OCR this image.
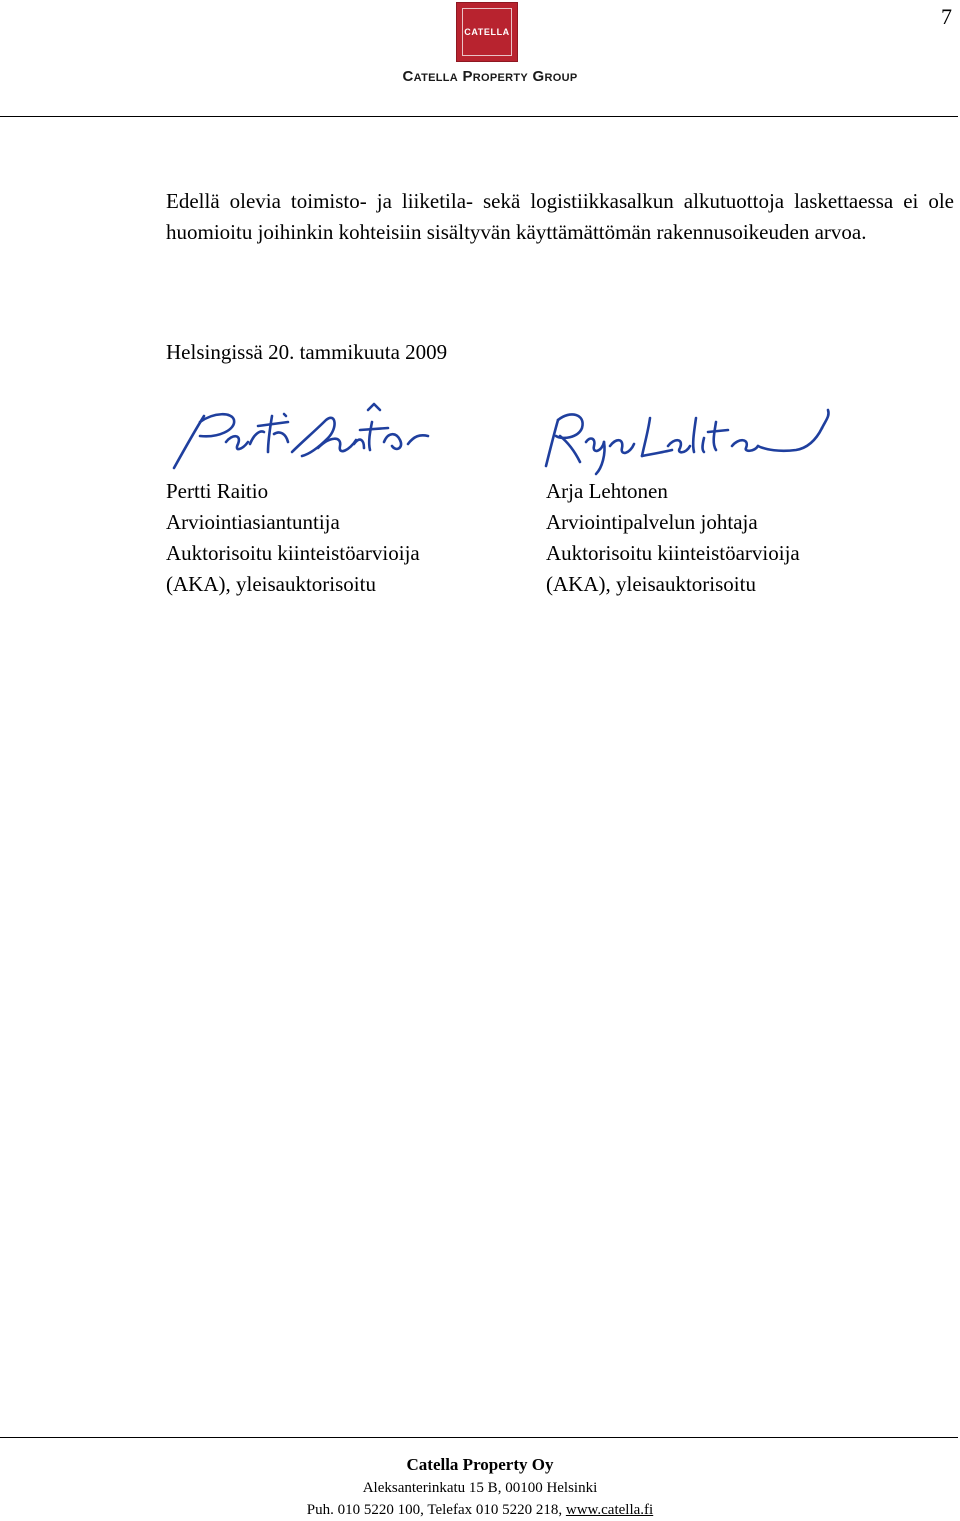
7
CATELLA
Catella Property Group

Edellä olevia toimisto- ja liiketila- sekä logistiikkasalkun alkutuottoja laskettaessa ei ole huomioitu joihinkin kohteisiin sisältyvän käyttämättömän rakennusoikeuden arvoa.

Helsingissä 20. tammikuuta 2009

Pertti Raitio
Arviointiasiantuntija
Auktorisoitu kiinteistöarvioija
(AKA), yleisauktorisoitu
Arja Lehtonen
Arviointipalvelun johtaja
Auktorisoitu kiinteistöarvioija
(AKA), yleisauktorisoitu
Catella Property Oy
Aleksanterinkatu 15 B, 00100 Helsinki
Puh. 010 5220 100, Telefax 010 5220 218, www.catella.fi
